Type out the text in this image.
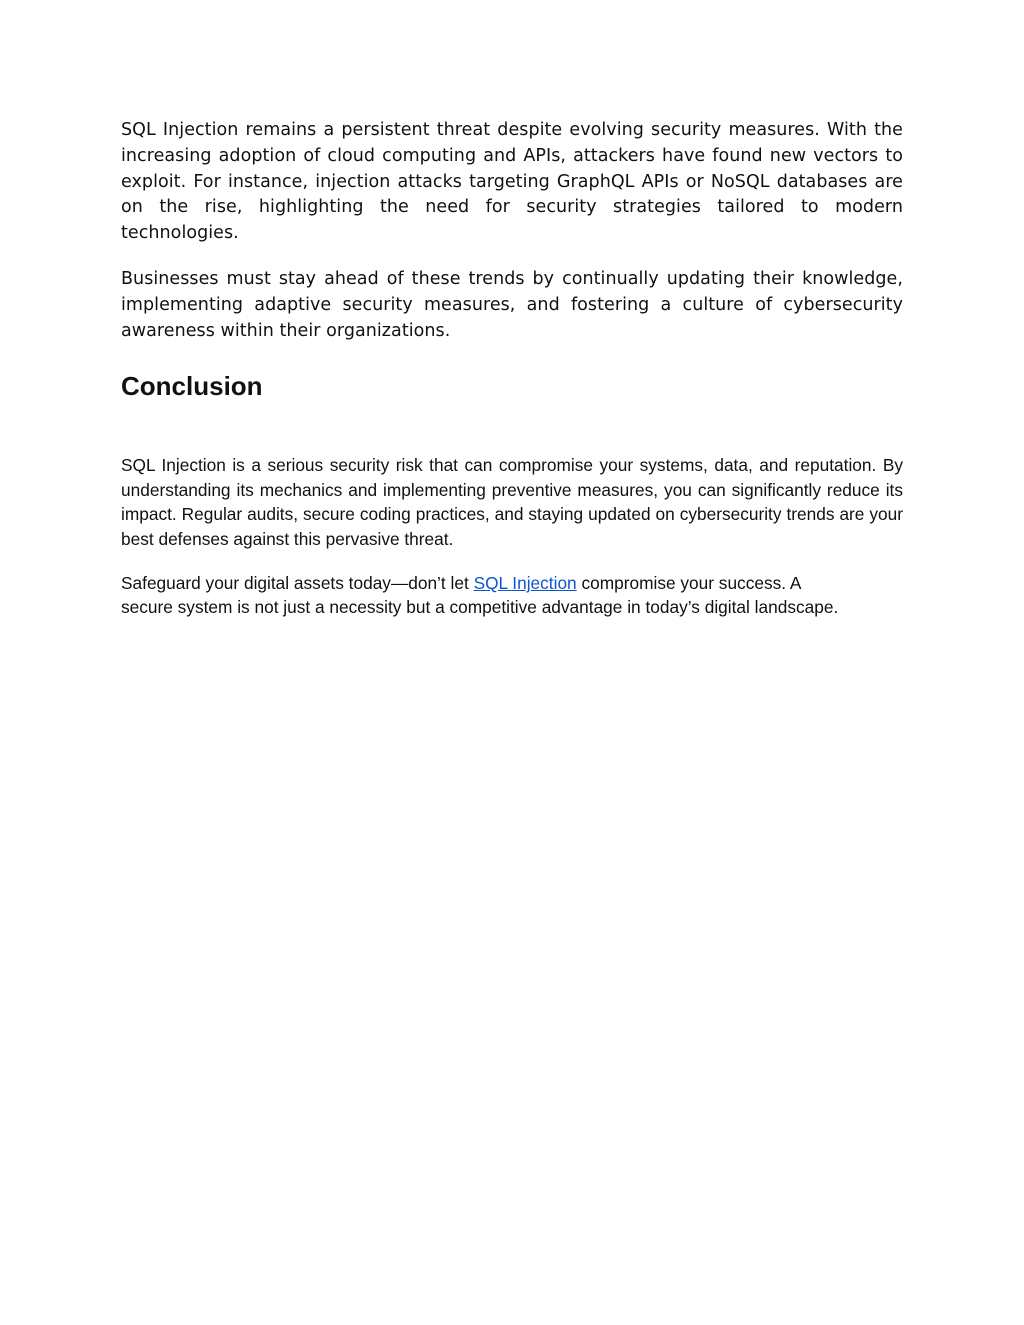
SQL Injection remains a persistent threat despite evolving security measures. With the increasing adoption of cloud computing and APIs, attackers have found new vectors to exploit. For instance, injection attacks targeting GraphQL APIs or NoSQL databases are on the rise, highlighting the need for security strategies tailored to modern technologies.

Businesses must stay ahead of these trends by continually updating their knowledge, implementing adaptive security measures, and fostering a culture of cybersecurity awareness within their organizations.

Conclusion

SQL Injection is a serious security risk that can compromise your systems, data, and reputation. By understanding its mechanics and implementing preventive measures, you can significantly reduce its impact. Regular audits, secure coding practices, and staying updated on cybersecurity trends are your best defenses against this pervasive threat.

Safeguard your digital assets today—don’t let SQL Injection compromise your success. A
secure system is not just a necessity but a competitive advantage in today’s digital landscape.
